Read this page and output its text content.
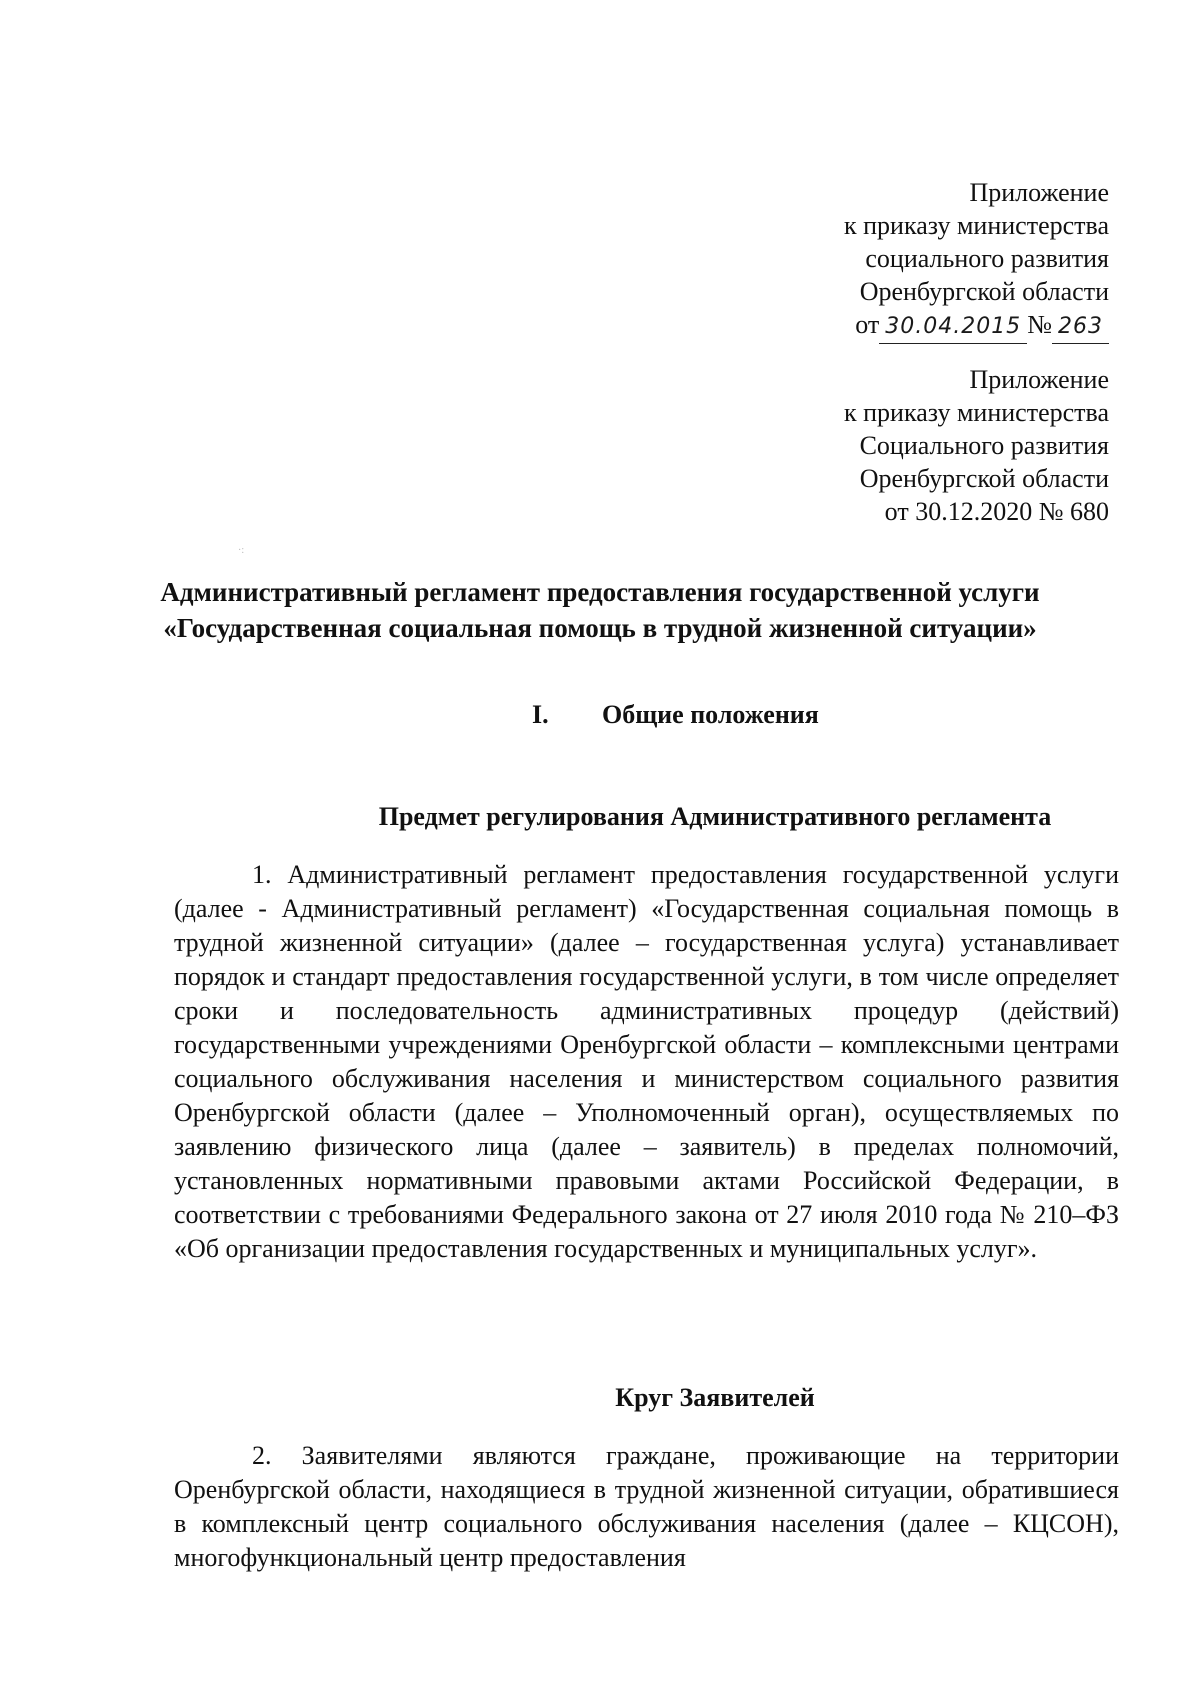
Приложение
к приказу министерства
социального развития
Оренбургской области
от 30.04.2015 № 263
Приложение
к приказу министерства
Социального развития
Оренбургской области
от 30.12.2020 № 680
·:
Административный регламент предоставления государственной услуги
«Государственная социальная помощь в трудной жизненной ситуации»
I. Общие положения
Предмет регулирования Административного регламента
1. Административный регламент предоставления государственной услуги (далее - Административный регламент) «Государственная социальная помощь в трудной жизненной ситуации» (далее – государственная услуга) устанавливает порядок и стандарт предоставления государственной услуги, в том числе определяет сроки и последовательность административных процедур (действий) государственными учреждениями Оренбургской области – комплексными центрами социального обслуживания населения и министерством социального развития Оренбургской области (далее – Уполномоченный орган), осуществляемых по заявлению физического лица (далее – заявитель) в пределах полномочий, установленных нормативными правовыми актами Российской Федерации, в соответствии с требованиями Федерального закона от 27 июля 2010 года № 210–ФЗ «Об организации предоставления государственных и муниципальных услуг».
Круг Заявителей
2. Заявителями являются граждане, проживающие на территории Оренбургской области, находящиеся в трудной жизненной ситуации, обратившиеся в комплексный центр социального обслуживания населения (далее – КЦСОН), многофункциональный центр предоставления
